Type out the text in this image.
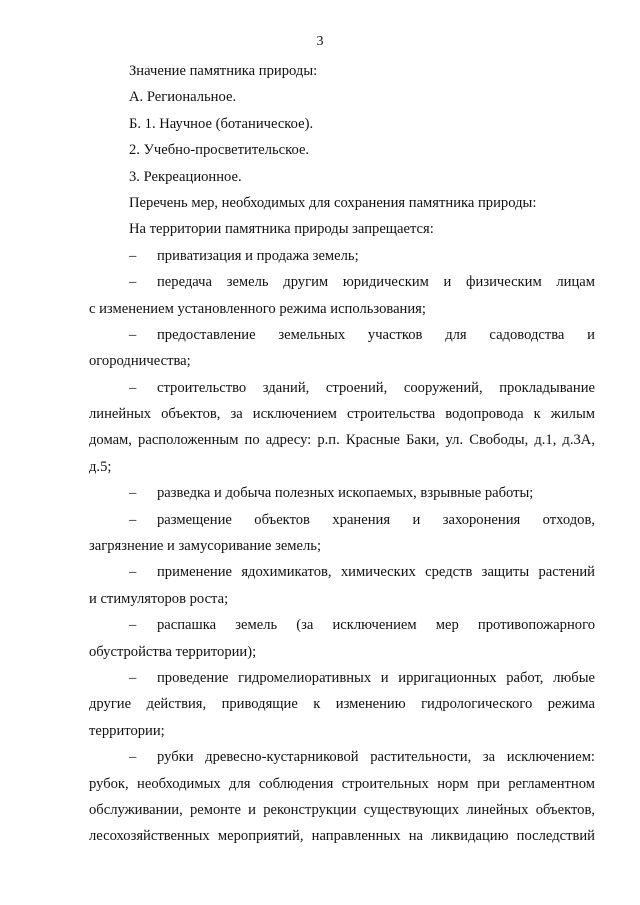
3
Значение памятника природы:
А. Региональное.
Б. 1. Научное (ботаническое).
2. Учебно-просветительское.
3. Рекреационное.
Перечень мер, необходимых для сохранения памятника природы:
На территории памятника природы запрещается:
–	приватизация и продажа земель;
–	передача земель другим юридическим и физическим лицам
с изменением установленного режима использования;
–	предоставление земельных участков для садоводства и
огородничества;
–	строительство зданий, строений, сооружений, прокладывание
линейных объектов, за исключением строительства водопровода к жилым
домам, расположенным по адресу: р.п. Красные Баки, ул. Свободы, д.1, д.3А,
д.5;
–	разведка и добыча полезных ископаемых, взрывные работы;
–	размещение объектов хранения и захоронения отходов,
загрязнение и замусоривание земель;
–	применение ядохимикатов, химических средств защиты растений
и стимуляторов роста;
–	распашка земель (за исключением мер противопожарного
обустройства территории);
–	проведение гидромелиоративных и ирригационных работ, любые
другие действия, приводящие к изменению гидрологического режима
территории;
–	рубки древесно-кустарниковой растительности, за исключением:
рубок, необходимых для соблюдения строительных норм при регламентном
обслуживании, ремонте и реконструкции существующих линейных объектов,
лесохозяйственных мероприятий, направленных на ликвидацию последствий
